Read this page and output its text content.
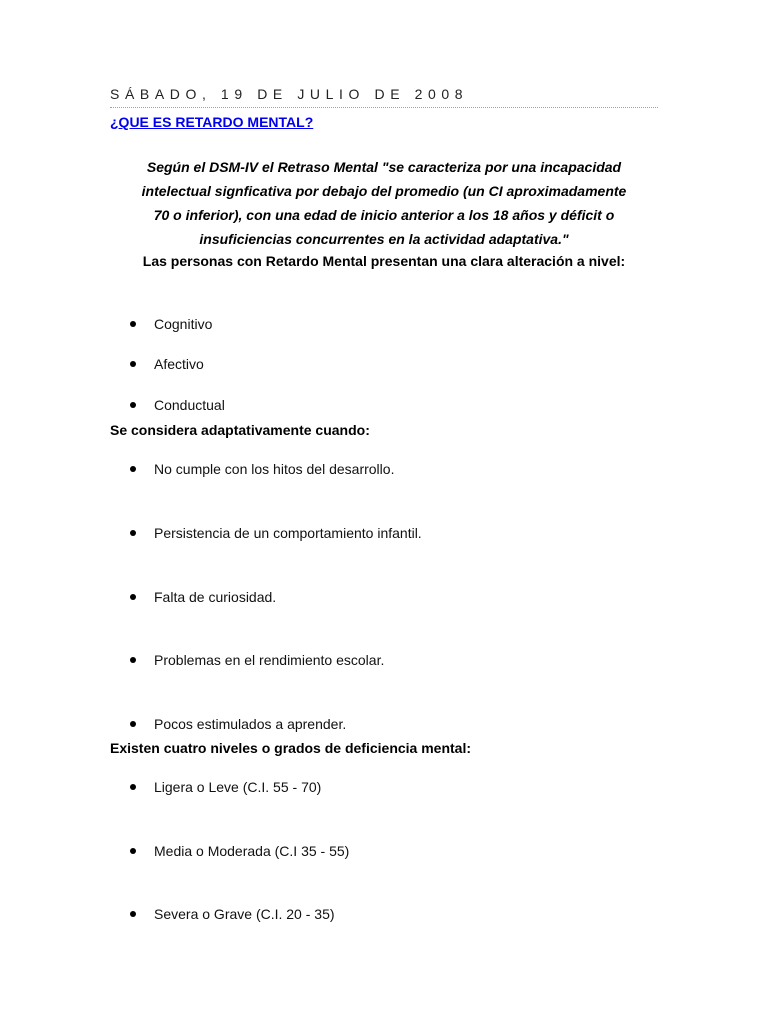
SÁBADO, 19 DE JULIO DE 2008
¿QUE ES RETARDO MENTAL?
Según el DSM-IV el Retraso Mental "se caracteriza por una incapacidad
intelectual signficativa por debajo del promedio (un CI aproximadamente
70 o inferior), con una edad de inicio anterior a los 18 años y déficit o
insuficiencias concurrentes en la actividad adaptativa."
Las personas con Retardo Mental presentan una clara alteración a nivel:
Cognitivo
Afectivo
Conductual
Se considera adaptativamente cuando:
No cumple con los hitos del desarrollo.
Persistencia de un comportamiento infantil.
Falta de curiosidad.
Problemas en el rendimiento escolar.
Pocos estimulados a aprender.
Existen cuatro niveles o grados de deficiencia mental:
Ligera o Leve (C.I. 55 - 70)
Media o Moderada (C.I 35 - 55)
Severa o Grave (C.I. 20 - 35)
